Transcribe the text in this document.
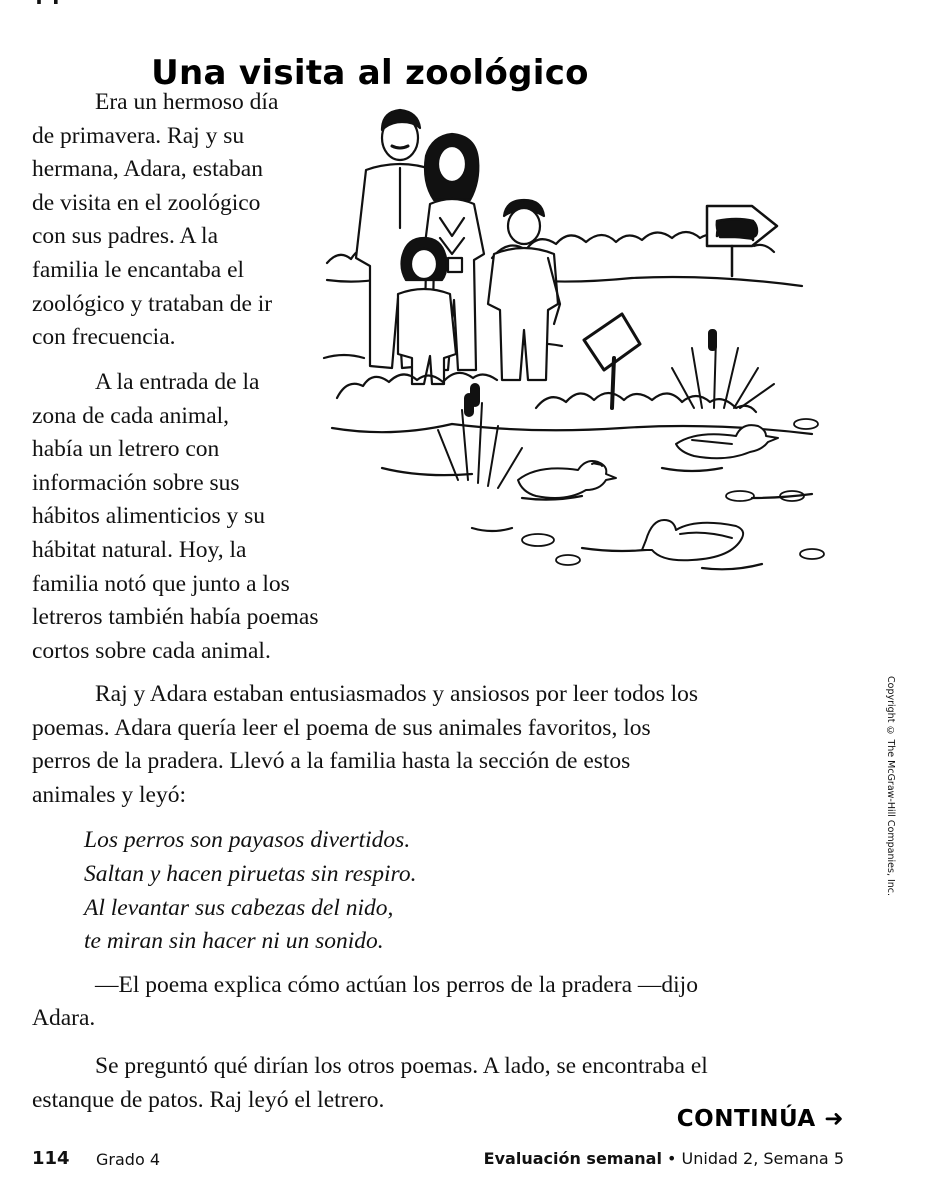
Una visita al zoológico
Era un hermoso día
de primavera. Raj y su
hermana, Adara, estaban
de visita en el zoológico
con sus padres. A la
familia le encantaba el
zoológico y trataban de ir
con frecuencia.
A la entrada de la
zona de cada animal,
había un letrero con
información sobre sus
hábitos alimenticios y su
hábitat natural. Hoy, la
familia notó que junto a los
letreros también había poemas
cortos sobre cada animal.

Raj y Adara estaban entusiasmados y ansiosos por leer todos los poemas. Adara quería leer el poema de sus animales favoritos, los perros de la pradera. Llevó a la familia hasta la sección de estos animales y leyó:

Los perros son payasos divertidos.
Saltan y hacen piruetas sin respiro.
Al levantar sus cabezas del nido,
te miran sin hacer ni un sonido.

—El poema explica cómo actúan los perros de la pradera —dijo Adara.

Se preguntó qué dirían los otros poemas. A lado, se encontraba el estanque de patos. Raj leyó el letrero.

Copyright © The McGraw-Hill Companies, Inc.
CONTINÚA ➜
114 Grado 4	Evaluación semanal • Unidad 2, Semana 5
